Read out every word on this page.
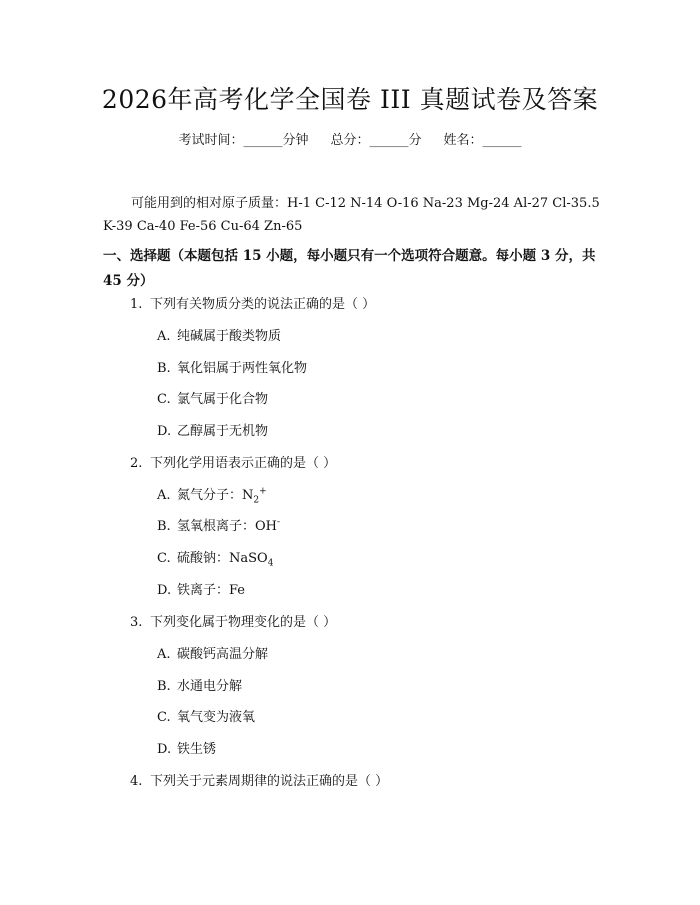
2026年高考化学全国卷 III 真题试卷及答案
考试时间：______分钟 总分：______分 姓名：______
可能用到的相对原子质量：H-1 C-12 N-14 O-16 Na-23 Mg-24 Al-27 Cl-35.5 K-39 Ca-40 Fe-56 Cu-64 Zn-65
一、选择题（本题包括 15 小题，每小题只有一个选项符合题意。每小题 3 分，共 45 分）
1. 下列有关物质分类的说法正确的是（ ）
A. 纯碱属于酸类物质
B. 氧化铝属于两性氧化物
C. 氯气属于化合物
D. 乙醇属于无机物
2. 下列化学用语表示正确的是（ ）
A. 氮气分子：$N_2^+$
B. 氢氧根离子：OH-
C. 硫酸钠：NaSO$_4$
D. 铁离子：Fe
3. 下列变化属于物理变化的是（ ）
A. 碳酸钙高温分解
B. 水通电分解
C. 氧气变为液氧
D. 铁生锈
4. 下列关于元素周期律的说法正确的是（ ）
